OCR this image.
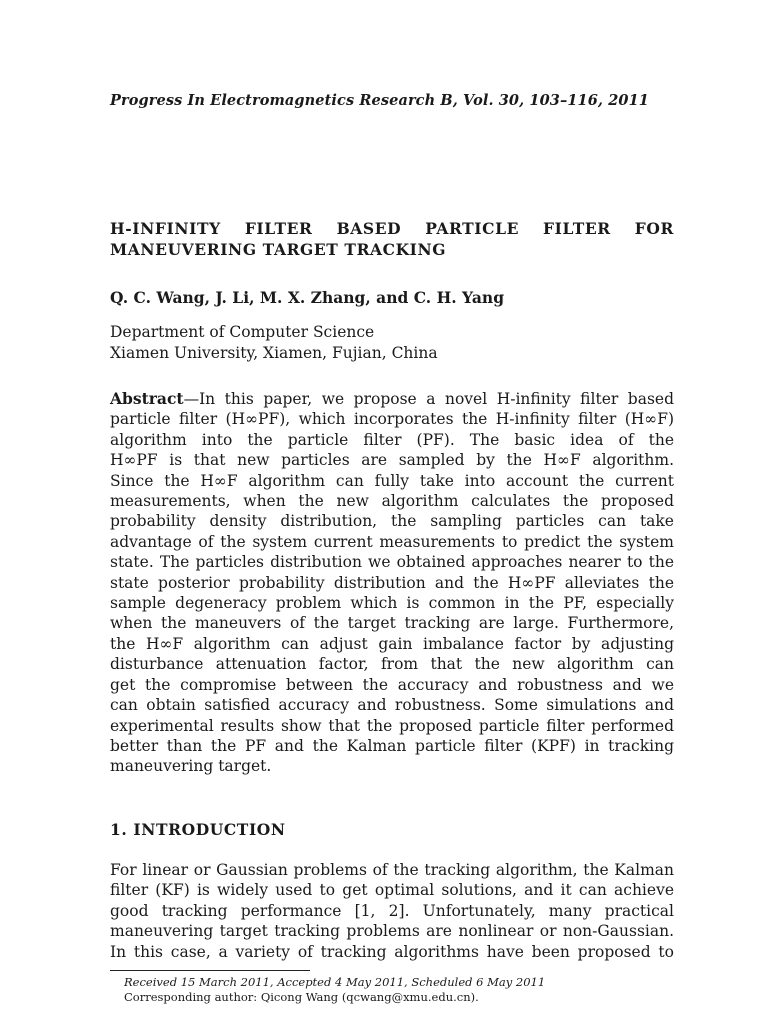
Progress In Electromagnetics Research B, Vol. 30, 103–116, 2011
H-INFINITY FILTER BASED PARTICLE FILTER FOR
MANEUVERING TARGET TRACKING
Q. C. Wang, J. Li, M. X. Zhang, and C. H. Yang
Department of Computer Science
Xiamen University, Xiamen, Fujian, China
Abstract—In this paper, we propose a novel H-infinity filter based
particle filter (H∞PF), which incorporates the H-infinity filter (H∞F)
algorithm into the particle filter (PF). The basic idea of the
H∞PF is that new particles are sampled by the H∞F algorithm.
Since the H∞F algorithm can fully take into account the current
measurements, when the new algorithm calculates the proposed
probability density distribution, the sampling particles can take
advantage of the system current measurements to predict the system
state. The particles distribution we obtained approaches nearer to the
state posterior probability distribution and the H∞PF alleviates the
sample degeneracy problem which is common in the PF, especially
when the maneuvers of the target tracking are large. Furthermore,
the H∞F algorithm can adjust gain imbalance factor by adjusting
disturbance attenuation factor, from that the new algorithm can
get the compromise between the accuracy and robustness and we
can obtain satisfied accuracy and robustness. Some simulations and
experimental results show that the proposed particle filter performed
better than the PF and the Kalman particle filter (KPF) in tracking
maneuvering target.
1. INTRODUCTION
For linear or Gaussian problems of the tracking algorithm, the Kalman
filter (KF) is widely used to get optimal solutions, and it can achieve
good tracking performance [1, 2]. Unfortunately, many practical
maneuvering target tracking problems are nonlinear or non-Gaussian.
In this case, a variety of tracking algorithms have been proposed to
Received 15 March 2011, Accepted 4 May 2011, Scheduled 6 May 2011
Corresponding author: Qicong Wang (qcwang@xmu.edu.cn).
